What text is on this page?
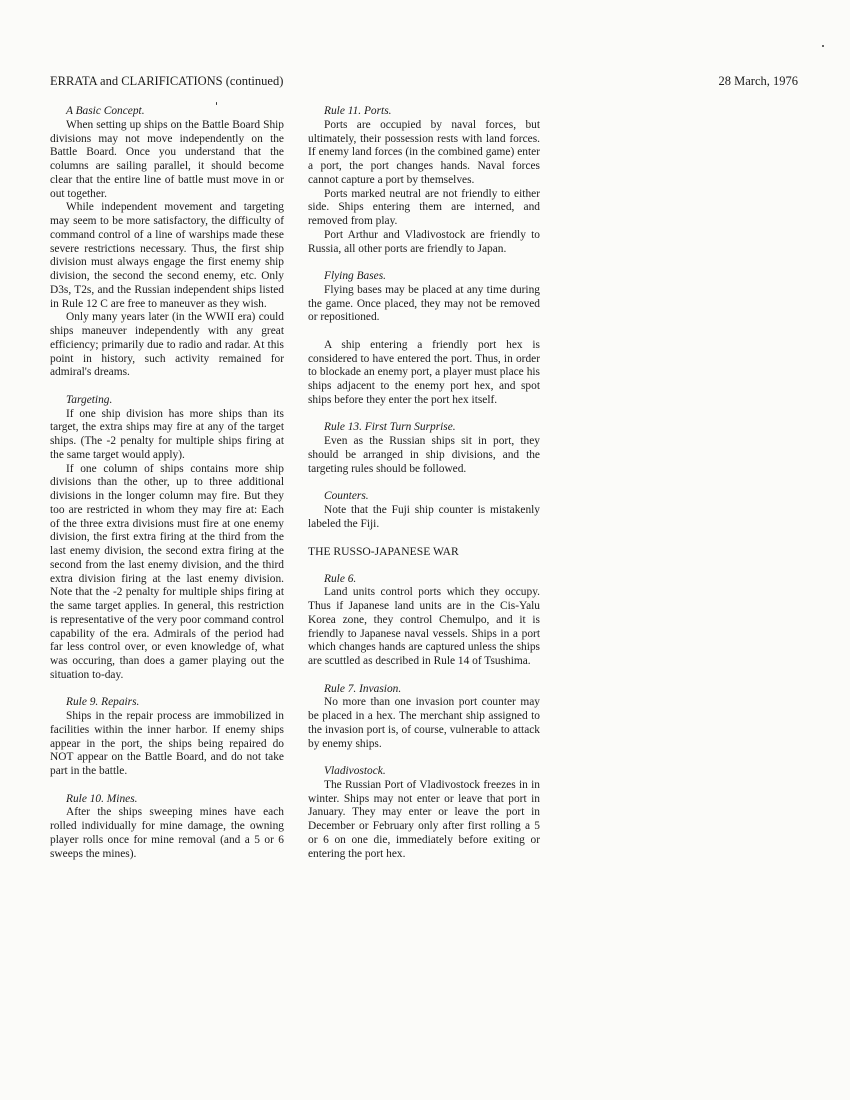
ERRATA and CLARIFICATIONS (continued)	28 March, 1976

A Basic Concept.

When setting up ships on the Battle Board Ship divisions may not move independently on the Battle Board. Once you understand that the columns are sailing parallel, it should become clear that the entire line of battle must move in or out together.

While independent movement and targeting may seem to be more satisfactory, the difficulty of command control of a line of warships made these severe restrictions necessary. Thus, the first ship division must always engage the first enemy ship division, the second the second enemy, etc. Only D3s, T2s, and the Russian independent ships listed in Rule 12 C are free to maneuver as they wish.

Only many years later (in the WWII era) could ships maneuver independently with any great efficiency; primarily due to radio and radar. At this point in history, such activity remained for admiral's dreams.

Targeting.

If one ship division has more ships than its target, the extra ships may fire at any of the target ships. (The -2 penalty for multiple ships firing at the same target would apply).

If one column of ships contains more ship divisions than the other, up to three additional divisions in the longer column may fire. But they too are restricted in whom they may fire at: Each of the three extra divisions must fire at one enemy division, the first extra firing at the third from the last enemy division, the second extra firing at the second from the last enemy division, and the third extra division firing at the last enemy division. Note that the -2 penalty for multiple ships firing at the same target applies. In general, this restriction is representative of the very poor command control capability of the era. Admirals of the period had far less control over, or even knowledge of, what was occuring, than does a gamer playing out the situation to-day.

Rule 9. Repairs.

Ships in the repair process are immobilized in facilities within the inner harbor. If enemy ships appear in the port, the ships being repaired do NOT appear on the Battle Board, and do not take part in the battle.

Rule 10. Mines.

After the ships sweeping mines have each rolled individually for mine damage, the owning player rolls once for mine removal (and a 5 or 6 sweeps the mines).

Rule 11. Ports.

Ports are occupied by naval forces, but ultimately, their possession rests with land forces. If enemy land forces (in the combined game) enter a port, the port changes hands. Naval forces cannot capture a port by themselves.

Ports marked neutral are not friendly to either side. Ships entering them are interned, and removed from play.

Port Arthur and Vladivostock are friendly to Russia, all other ports are friendly to Japan.

Flying Bases.

Flying bases may be placed at any time during the game. Once placed, they may not be removed or repositioned.

A ship entering a friendly port hex is considered to have entered the port. Thus, in order to blockade an enemy port, a player must place his ships adjacent to the enemy port hex, and spot ships before they enter the port hex itself.

Rule 13. First Turn Surprise.

Even as the Russian ships sit in port, they should be arranged in ship divisions, and the targeting rules should be followed.

Counters.

Note that the Fuji ship counter is mistakenly labeled the Fiji.

THE RUSSO-JAPANESE WAR

Rule 6.

Land units control ports which they occupy. Thus if Japanese land units are in the Cis-Yalu Korea zone, they control Chemulpo, and it is friendly to Japanese naval vessels. Ships in a port which changes hands are captured unless the ships are scuttled as described in Rule 14 of Tsushima.

Rule 7. Invasion.

No more than one invasion port counter may be placed in a hex. The merchant ship assigned to the invasion port is, of course, vulnerable to attack by enemy ships.

Vladivostock.

The Russian Port of Vladivostock freezes in in winter. Ships may not enter or leave that port in January. They may enter or leave the port in December or February only after first rolling a 5 or 6 on one die, immediately before exiting or entering the port hex.
